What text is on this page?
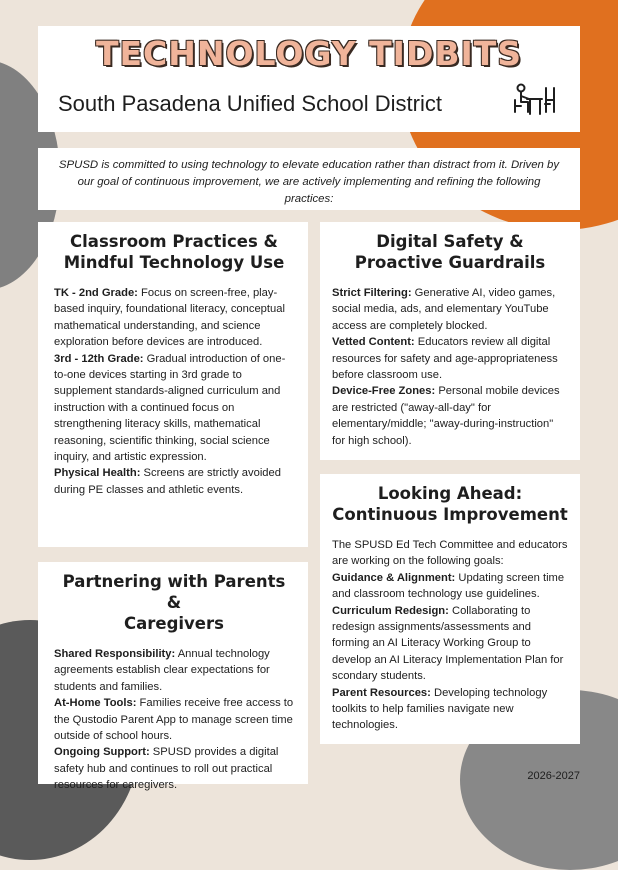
TECHNOLOGY TIDBITS
South Pasadena Unified School District
SPUSD is committed to using technology to elevate education rather than distract from it. Driven by our goal of continuous improvement, we are actively implementing and refining the following practices:

Classroom Practices &
Mindful Technology Use

TK - 2nd Grade: Focus on screen-free, play-based inquiry, foundational literacy, conceptual mathematical understanding, and science exploration before devices are introduced.

3rd - 12th Grade: Gradual introduction of one-to-one devices starting in 3rd grade to supplement standards-aligned curriculum and instruction with a continued focus on strengthening literacy skills, mathematical reasoning, scientific thinking, social science inquiry, and artistic expression.

Physical Health: Screens are strictly avoided during PE classes and athletic events.

Digital Safety &
Proactive Guardrails

Strict Filtering: Generative AI, video games, social media, ads, and elementary YouTube access are completely blocked.

Vetted Content: Educators review all digital resources for safety and age-appropriateness before classroom use.

Device-Free Zones: Personal mobile devices are restricted ("away-all-day" for elementary/middle; "away-during-instruction" for high school).

Looking Ahead:
Continuous Improvement

The SPUSD Ed Tech Committee and educators are working on the following goals:

Guidance & Alignment: Updating screen time and classroom technology use guidelines.

Curriculum Redesign: Collaborating to redesign assignments/assessments and forming an AI Literacy Working Group to develop an AI Literacy Implementation Plan for scondary students.

Parent Resources: Developing technology toolkits to help families navigate new technologies.

Partnering with Parents &
Caregivers

Shared Responsibility: Annual technology agreements establish clear expectations for students and families.

At-Home Tools: Families receive free access to the Qustodio Parent App to manage screen time outside of school hours.

Ongoing Support: SPUSD provides a digital safety hub and continues to roll out practical resources for caregivers.

2026-2027
